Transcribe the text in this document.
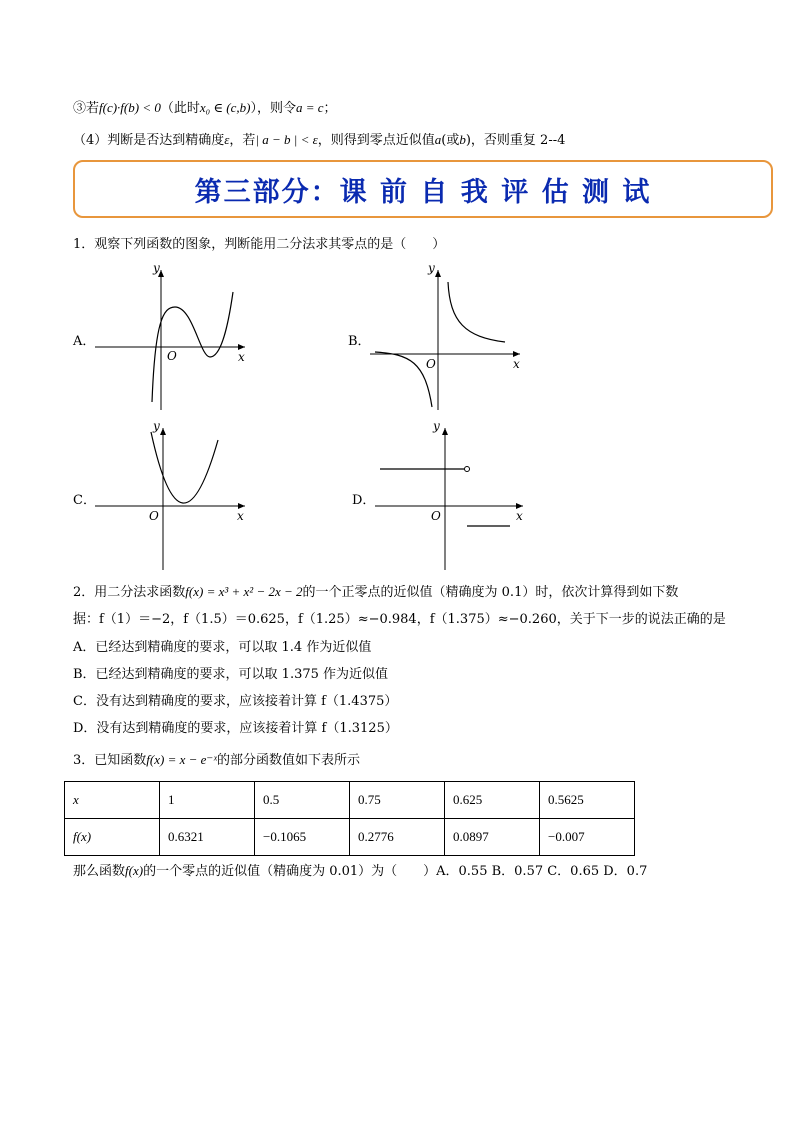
③若f(c)·f(b) < 0（此时x₀ ∈ (c,b)），则令a = c；
（4）判断是否达到精确度ε，若| a − b | < ε，则得到零点近似值a(或b)，否则重复 2--4
第三部分：课 前 自 我 评 估 测 试
1．观察下列函数的图象，判断能用二分法求其零点的是（　　）
A．
y
x
O
B．
y
x
O
C．
y
x
O
D．
y
x
O
2．用二分法求函数f(x) = x³ + x² − 2x − 2的一个正零点的近似值（精确度为 0.1）时，依次计算得到如下数
据：f（1）＝−2，f（1.5）＝0.625，f（1.25）≈−0.984，f（1.375）≈−0.260，关于下一步的说法正确的是
A．已经达到精确度的要求，可以取 1.4 作为近似值
B．已经达到精确度的要求，可以取 1.375 作为近似值
C．没有达到精确度的要求，应该接着计算 f（1.4375）
D．没有达到精确度的要求，应该接着计算 f（1.3125）
3．已知函数f(x) = x − e⁻ˣ的部分函数值如下表所示
x	1	0.5	0.75	0.625	0.5625
f(x)	0.6321	−0.1065	0.2776	0.0897	−0.007
那么函数f(x)的一个零点的近似值（精确度为 0.01）为（　　）A．0.55 B．0.57 C．0.65 D．0.7
